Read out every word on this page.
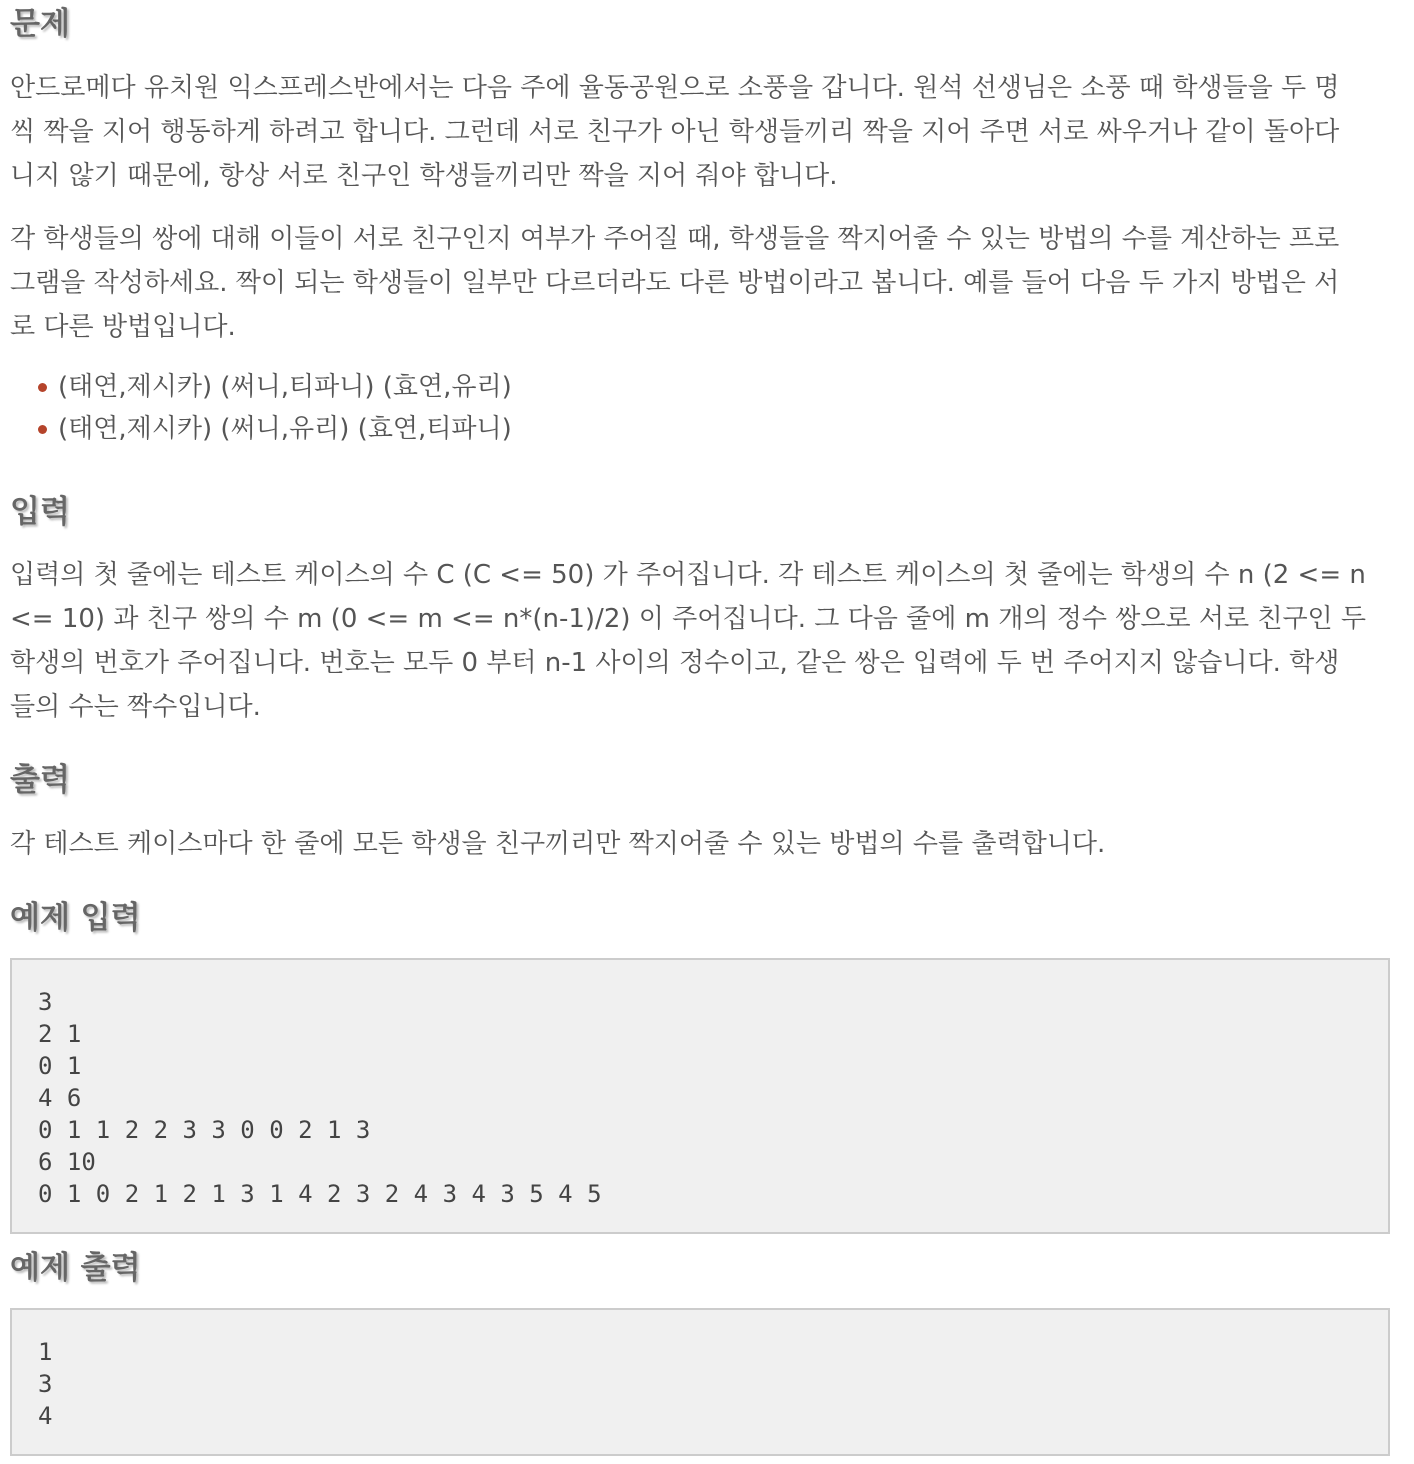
문제
안드로메다 유치원 익스프레스반에서는 다음 주에 율동공원으로 소풍을 갑니다. 원석 선생님은 소풍 때 학생들을 두 명
씩 짝을 지어 행동하게 하려고 합니다. 그런데 서로 친구가 아닌 학생들끼리 짝을 지어 주면 서로 싸우거나 같이 돌아다
니지 않기 때문에, 항상 서로 친구인 학생들끼리만 짝을 지어 줘야 합니다.
각 학생들의 쌍에 대해 이들이 서로 친구인지 여부가 주어질 때, 학생들을 짝지어줄 수 있는 방법의 수를 계산하는 프로
그램을 작성하세요. 짝이 되는 학생들이 일부만 다르더라도 다른 방법이라고 봅니다. 예를 들어 다음 두 가지 방법은 서
로 다른 방법입니다.
(태연,제시카) (써니,티파니) (효연,유리)
(태연,제시카) (써니,유리) (효연,티파니)
입력
입력의 첫 줄에는 테스트 케이스의 수 C (C <= 50) 가 주어집니다. 각 테스트 케이스의 첫 줄에는 학생의 수 n (2 <= n
<= 10) 과 친구 쌍의 수 m (0 <= m <= n*(n-1)/2) 이 주어집니다. 그 다음 줄에 m 개의 정수 쌍으로 서로 친구인 두
학생의 번호가 주어집니다. 번호는 모두 0 부터 n-1 사이의 정수이고, 같은 쌍은 입력에 두 번 주어지지 않습니다. 학생
들의 수는 짝수입니다.
출력
각 테스트 케이스마다 한 줄에 모든 학생을 친구끼리만 짝지어줄 수 있는 방법의 수를 출력합니다.
예제 입력
3
2 1
0 1
4 6
0 1 1 2 2 3 3 0 0 2 1 3
6 10
0 1 0 2 1 2 1 3 1 4 2 3 2 4 3 4 3 5 4 5
예제 출력
1
3
4
